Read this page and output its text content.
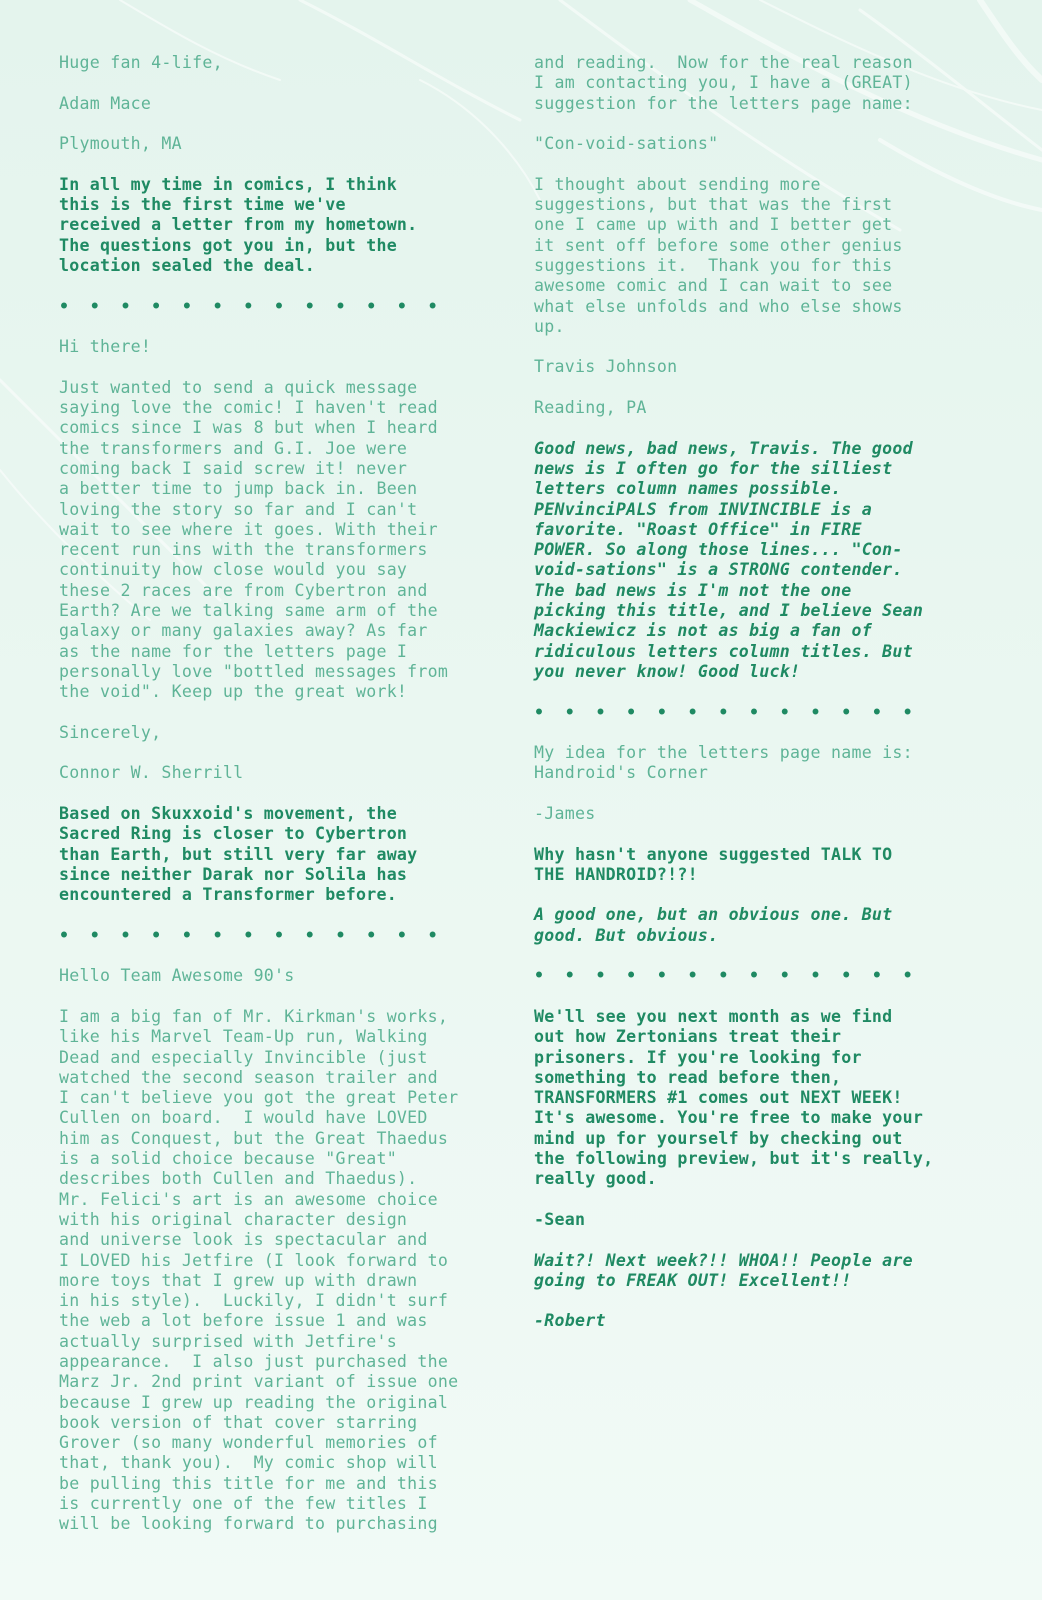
Huge fan 4-life,
Adam Mace
Plymouth, MA
In all my time in comics, I think
this is the first time we've
received a letter from my hometown.
The questions got you in, but the
location sealed the deal.
•  •  •  •  •  •  •  •  •  •  •  •  •
Hi there!
Just wanted to send a quick message
saying love the comic! I haven't read
comics since I was 8 but when I heard
the transformers and G.I. Joe were
coming back I said screw it! never
a better time to jump back in. Been
loving the story so far and I can't
wait to see where it goes. With their
recent run ins with the transformers
continuity how close would you say
these 2 races are from Cybertron and
Earth? Are we talking same arm of the
galaxy or many galaxies away? As far
as the name for the letters page I
personally love "bottled messages from
the void". Keep up the great work!
Sincerely,
Connor W. Sherrill
Based on Skuxxoid's movement, the
Sacred Ring is closer to Cybertron
than Earth, but still very far away
since neither Darak nor Solila has
encountered a Transformer before.
•  •  •  •  •  •  •  •  •  •  •  •  •
Hello Team Awesome 90's
I am a big fan of Mr. Kirkman's works,
like his Marvel Team-Up run, Walking
Dead and especially Invincible (just
watched the second season trailer and
I can't believe you got the great Peter
Cullen on board.  I would have LOVED
him as Conquest, but the Great Thaedus
is a solid choice because "Great"
describes both Cullen and Thaedus).
Mr. Felici's art is an awesome choice
with his original character design
and universe look is spectacular and
I LOVED his Jetfire (I look forward to
more toys that I grew up with drawn
in his style).  Luckily, I didn't surf
the web a lot before issue 1 and was
actually surprised with Jetfire's
appearance.  I also just purchased the
Marz Jr. 2nd print variant of issue one
because I grew up reading the original
book version of that cover starring
Grover (so many wonderful memories of
that, thank you).  My comic shop will
be pulling this title for me and this
is currently one of the few titles I
will be looking forward to purchasing
and reading.  Now for the real reason
I am contacting you, I have a (GREAT)
suggestion for the letters page name:
"Con-void-sations"
I thought about sending more
suggestions, but that was the first
one I came up with and I better get
it sent off before some other genius
suggestions it.  Thank you for this
awesome comic and I can wait to see
what else unfolds and who else shows
up.
Travis Johnson
Reading, PA
Good news, bad news, Travis. The good
news is I often go for the silliest
letters column names possible.
PENvinciPALS from INVINCIBLE is a
favorite. "Roast Office" in FIRE
POWER. So along those lines... "Con-
void-sations" is a STRONG contender.
The bad news is I'm not the one
picking this title, and I believe Sean
Mackiewicz is not as big a fan of
ridiculous letters column titles. But
you never know! Good luck!
•  •  •  •  •  •  •  •  •  •  •  •  •
My idea for the letters page name is:
Handroid's Corner
-James
Why hasn't anyone suggested TALK TO
THE HANDROID?!?!
A good one, but an obvious one. But
good. But obvious.
•  •  •  •  •  •  •  •  •  •  •  •  •
We'll see you next month as we find
out how Zertonians treat their
prisoners. If you're looking for
something to read before then,
TRANSFORMERS #1 comes out NEXT WEEK!
It's awesome. You're free to make your
mind up for yourself by checking out
the following preview, but it's really,
really good.
-Sean
Wait?! Next week?!! WHOA!! People are
going to FREAK OUT! Excellent!!
-Robert
